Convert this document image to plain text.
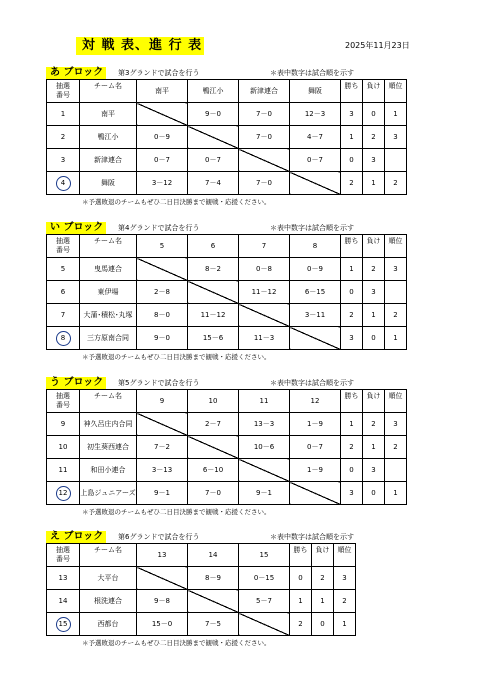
対 戦 表、進 行 表	2025年11月23日
あ ブロック	第3グランドで試合を行う	＊表中数字は試合順を示す
抽選
番号	チーム名	南平	鴨江小	新津連合	舞阪	勝ち	負け	順位
1	南平		9－0	7－0	12－3	3	0	1
2	鴨江小	0－9		7－0	4－7	1	2	3
3	新津連合	0－7	0－7		0－7	0	3	
4	舞阪	3－12	7－4	7－0		2	1	2
＊予選敗退のチームもぜひ二日目決勝まで観戦・応援ください。
い ブロック	第4グランドで試合を行う	＊表中数字は試合順を示す
抽選
番号	チーム名	5	6	7	8	勝ち	負け	順位
5	曳馬連合		8－2	0－8	0－9	1	2	3
6	東伊場	2－8		11－12	6－15	0	3	
7	大蒲･積松･丸塚	8－0	11－12		3－11	2	1	2
8	三方原南合同	9－0	15－6	11－3		3	0	1
＊予選敗退のチームもぜひ二日目決勝まで観戦・応援ください。
う ブロック	第5グランドで試合を行う	＊表中数字は試合順を示す
抽選
番号	チーム名	9	10	11	12	勝ち	負け	順位
9	神久呂庄内合同		2－7	13－3	1－9	1	2	3
10	初生葵西連合	7－2		10－6	0－7	2	1	2
11	和田小連合	3－13	6－10		1－9	0	3	
12	上島ジュニアーズ	9－1	7－0	9－1		3	0	1
＊予選敗退のチームもぜひ二日目決勝まで観戦・応援ください。
え ブロック	第6グランドで試合を行う	＊表中数字は試合順を示す
抽選
番号	チーム名	13	14	15	勝ち	負け	順位
13	大平台		8－9	0－15	0	2	3
14	根洗連合	9－8		5－7	1	1	2
15	西都台	15－0	7－5		2	0	1
＊予選敗退のチームもぜひ二日目決勝まで観戦・応援ください。
